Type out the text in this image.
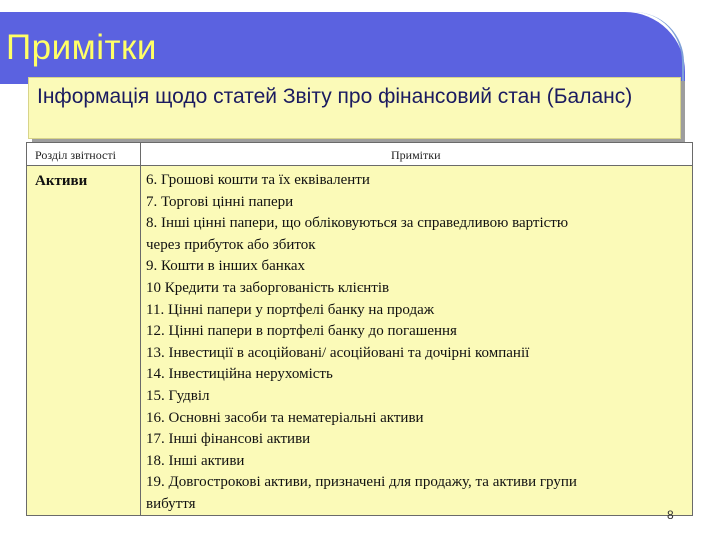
Примітки
Інформація щодо статей Звіту про фінансовий стан (Баланс)
Розділ звітності	Примітки
Активи	6. Грошові кошти та їх еквіваленти
7. Торгові цінні папери
8. Інші цінні папери, що обліковуються за справедливою вартістю
через прибуток або збиток
9. Кошти в інших банках
10 Кредити та заборгованість клієнтів
11. Цінні папери у портфелі банку на продаж
12. Цінні папери в портфелі банку до погашення
13. Інвестиції в асоційовані/ асоційовані та дочірні компанії
14. Інвестиційна нерухомість
15. Гудвіл
16. Основні засоби та нематеріальні активи
17. Інші фінансові активи
18. Інші активи
19. Довгострокові активи, призначені для продажу, та активи групи
вибуття
8
